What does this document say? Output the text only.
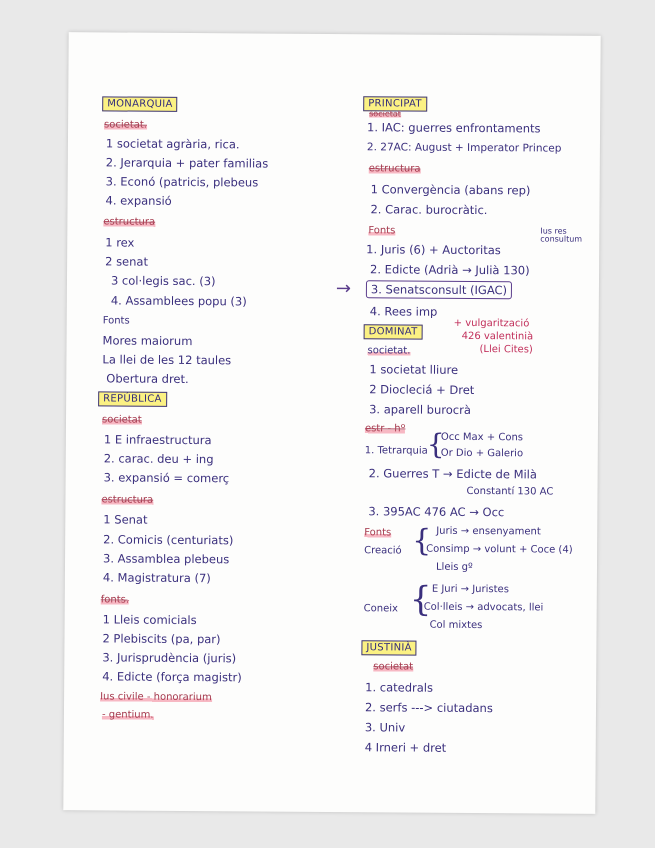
MONARQUIA
societat.
1 societat agrària, rica.
2. Jerarquia + pater familias
3. Econó (patricis, plebeus
4. expansió
estructura
1 rex
2 senat
3 col·legis sac. (3)
4. Assamblees popu (3)
Fonts
Mores maiorum
La llei de les 12 taules
Obertura dret.
REPÚBLICA
societat
1 E infraestructura
2. carac. deu + ing
3. expansió = comerç
estructura
1 Senat
2. Comicis (centuriats)
3. Assamblea plebeus
4. Magistratura (7)
fonts.
1 Lleis comicials
2 Plebiscits (pa, par)
3. Jurisprudència (juris)
4. Edicte (força magistr)
Ius civile - honorarium
- gentium.
PRINCIPAT
societat
1. IAC: guerres enfrontaments
2. 27AC: August + Imperator Princep
estructura
1 Convergència (abans rep)
2. Carac. burocràtic.
Fonts	Ius res consultum
1. Juris (6) + Auctoritas
2. Edicte (Adrià → Julià 130)
→	3. Senatsconsult (IGAC)
4. Rees imp
DOMINAT
+ vulgarització
426 valentinià
(Llei Cites)
societat.
1 societat lliure
2 Diocleciá + Dret
3. aparell burocrà
estr - hº
1. Tetrarquia
{
Occ Max + Cons
Or Dio + Galerio
2. Guerres T → Edicte de Milà
Constantí 130 AC
3. 395AC 476 AC → Occ
Fonts	Juris → ensenyament
Creació {
Consimp → volunt + Coce (4)
Lleis gº
Coneix { E Juri → Juristes
Col·lleis → advocats, llei
Col mixtes
JUSTINIÀ
societat
1. catedrals
2. serfs ---> ciutadans
3. Univ
4 Irneri + dret
